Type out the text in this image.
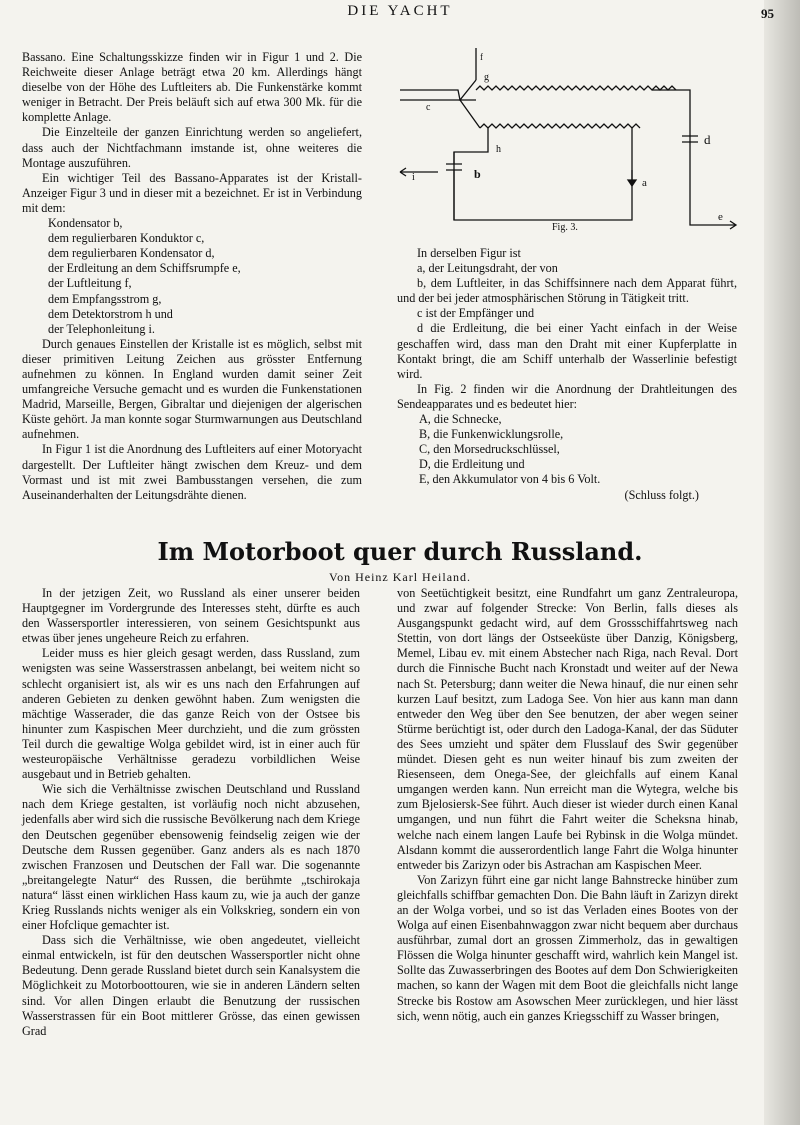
DIE YACHT	95

Bassano. Eine Schaltungsskizze finden wir in Figur 1 und 2. Die Reichweite dieser Anlage beträgt etwa 20 km. Allerdings hängt dieselbe von der Höhe des Luftleiters ab. Die Funkenstärke kommt weniger in Betracht. Der Preis beläuft sich auf etwa 300 Mk. für die komplette Anlage.

Die Einzelteile der ganzen Einrichtung werden so angeliefert, dass auch der Nichtfachmann imstande ist, ohne weiteres die Montage auszuführen.

Ein wichtiger Teil des Bassano-Apparates ist der Kristall-Anzeiger Figur 3 und in dieser mit a bezeichnet. Er ist in Verbindung mit dem:

Kondensator b,

dem regulierbaren Konduktor c,

dem regulierbaren Kondensator d,

der Erdleitung an dem Schiffsrumpfe e,

der Luftleitung f,

dem Empfangsstrom g,

dem Detektorstrom h und

der Telephonleitung i.

Durch genaues Einstellen der Kristalle ist es möglich, selbst mit dieser primitiven Leitung Zeichen aus grösster Entfernung aufnehmen zu können. In England wurden damit seiner Zeit umfangreiche Versuche gemacht und es wurden die Funkenstationen Madrid, Marseille, Bergen, Gibraltar und diejenigen der algerischen Küste gehört. Ja man konnte sogar Sturmwarnungen aus Deutschland aufnehmen.

In Figur 1 ist die Anordnung des Luftleiters auf einer Motoryacht dargestellt. Der Luftleiter hängt zwischen dem Kreuz- und dem Vormast und ist mit zwei Bambusstangen versehen, die zum Auseinanderhalten der Leitungsdrähte dienen.

f
g
c
h
i	b
a
d
e
Fig. 3.

In derselben Figur ist

a, der Leitungsdraht, der von

b, dem Luftleiter, in das Schiffsinnere nach dem Apparat führt, und der bei jeder atmosphärischen Störung in Tätigkeit tritt.

c ist der Empfänger und

d die Erdleitung, die bei einer Yacht einfach in der Weise geschaffen wird, dass man den Draht mit einer Kupferplatte in Kontakt bringt, die am Schiff unterhalb der Wasserlinie befestigt wird.

In Fig. 2 finden wir die Anordnung der Drahtleitungen des Sendeapparates und es bedeutet hier:

A, die Schnecke,

B, die Funkenwicklungsrolle,

C, den Morsedruckschlüssel,

D, die Erdleitung und

E, den Akkumulator von 4 bis 6 Volt.

(Schluss folgt.)

Im Motorboot quer durch Russland.
Von Heinz Karl Heiland.

In der jetzigen Zeit, wo Russland als einer unserer beiden Hauptgegner im Vordergrunde des Interesses steht, dürfte es auch den Wassersportler interessieren, von seinem Gesichtspunkt aus etwas über jenes ungeheure Reich zu erfahren.

Leider muss es hier gleich gesagt werden, dass Russland, zum wenigsten was seine Wasserstrassen anbelangt, bei weitem nicht so schlecht organisiert ist, als wir es uns nach den Erfahrungen auf anderen Gebieten zu denken gewöhnt haben. Zum wenigsten die mächtige Wasserader, die das ganze Reich von der Ostsee bis hinunter zum Kaspischen Meer durchzieht, und die zum grössten Teil durch die gewaltige Wolga gebildet wird, ist in einer auch für westeuropäische Verhältnisse geradezu vorbildlichen Weise ausgebaut und in Betrieb gehalten.

Wie sich die Verhältnisse zwischen Deutschland und Russland nach dem Kriege gestalten, ist vorläufig noch nicht abzusehen, jedenfalls aber wird sich die russische Bevölkerung nach dem Kriege den Deutschen gegenüber ebensowenig feindselig zeigen wie der Deutsche dem Russen gegenüber. Ganz anders als es nach 1870 zwischen Franzosen und Deutschen der Fall war. Die sogenannte „breitangelegte Natur“ des Russen, die berühmte „tschirokaja natura“ lässt einen wirklichen Hass kaum zu, wie ja auch der ganze Krieg Russlands nichts weniger als ein Volkskrieg, sondern ein von einer Hofclique gemachter ist.

Dass sich die Verhältnisse, wie oben angedeutet, vielleicht einmal entwickeln, ist für den deutschen Wassersportler nicht ohne Bedeutung. Denn gerade Russland bietet durch sein Kanalsystem die Möglichkeit zu Motorboottouren, wie sie in anderen Ländern selten sind. Vor allen Dingen erlaubt die Benutzung der russischen Wasserstrassen für ein Boot mittlerer Grösse, das einen gewissen Grad

von Seetüchtigkeit besitzt, eine Rundfahrt um ganz Zentraleuropa, und zwar auf folgender Strecke: Von Berlin, falls dieses als Ausgangspunkt gedacht wird, auf dem Grossschiffahrtsweg nach Stettin, von dort längs der Ostseeküste über Danzig, Königsberg, Memel, Libau ev. mit einem Abstecher nach Riga, nach Reval. Dort durch die Finnische Bucht nach Kronstadt und weiter auf der Newa nach St. Petersburg; dann weiter die Newa hinauf, die nur einen sehr kurzen Lauf besitzt, zum Ladoga See. Von hier aus kann man dann entweder den Weg über den See benutzen, der aber wegen seiner Stürme berüchtigt ist, oder durch den Ladoga-Kanal, der das Süduter des Sees umzieht und später dem Flusslauf des Swir gegenüber mündet. Diesen geht es nun weiter hinauf bis zum zweiten der Riesenseen, dem Onega-See, der gleichfalls auf einem Kanal umgangen werden kann. Nun erreicht man die Wytegra, welche bis zum Bjelosiersk-See führt. Auch dieser ist wieder durch einen Kanal umgangen, und nun führt die Fahrt weiter die Scheksna hinab, welche nach einem langen Laufe bei Rybinsk in die Wolga mündet. Alsdann kommt die ausserordentlich lange Fahrt die Wolga hinunter entweder bis Zarizyn oder bis Astrachan am Kaspischen Meer.

Von Zarizyn führt eine gar nicht lange Bahnstrecke hinüber zum gleichfalls schiffbar gemachten Don. Die Bahn läuft in Zarizyn direkt an der Wolga vorbei, und so ist das Verladen eines Bootes von der Wolga auf einen Eisenbahnwaggon zwar nicht bequem aber durchaus ausführbar, zumal dort an grossen Zimmerholz, das in gewaltigen Flössen die Wolga hinunter geschafft wird, wahrlich kein Mangel ist. Sollte das Zuwasserbringen des Bootes auf dem Don Schwierigkeiten machen, so kann der Wagen mit dem Boot die gleichfalls nicht lange Strecke bis Rostow am Asowschen Meer zurücklegen, und hier lässt sich, wenn nötig, auch ein ganzes Kriegsschiff zu Wasser bringen,
